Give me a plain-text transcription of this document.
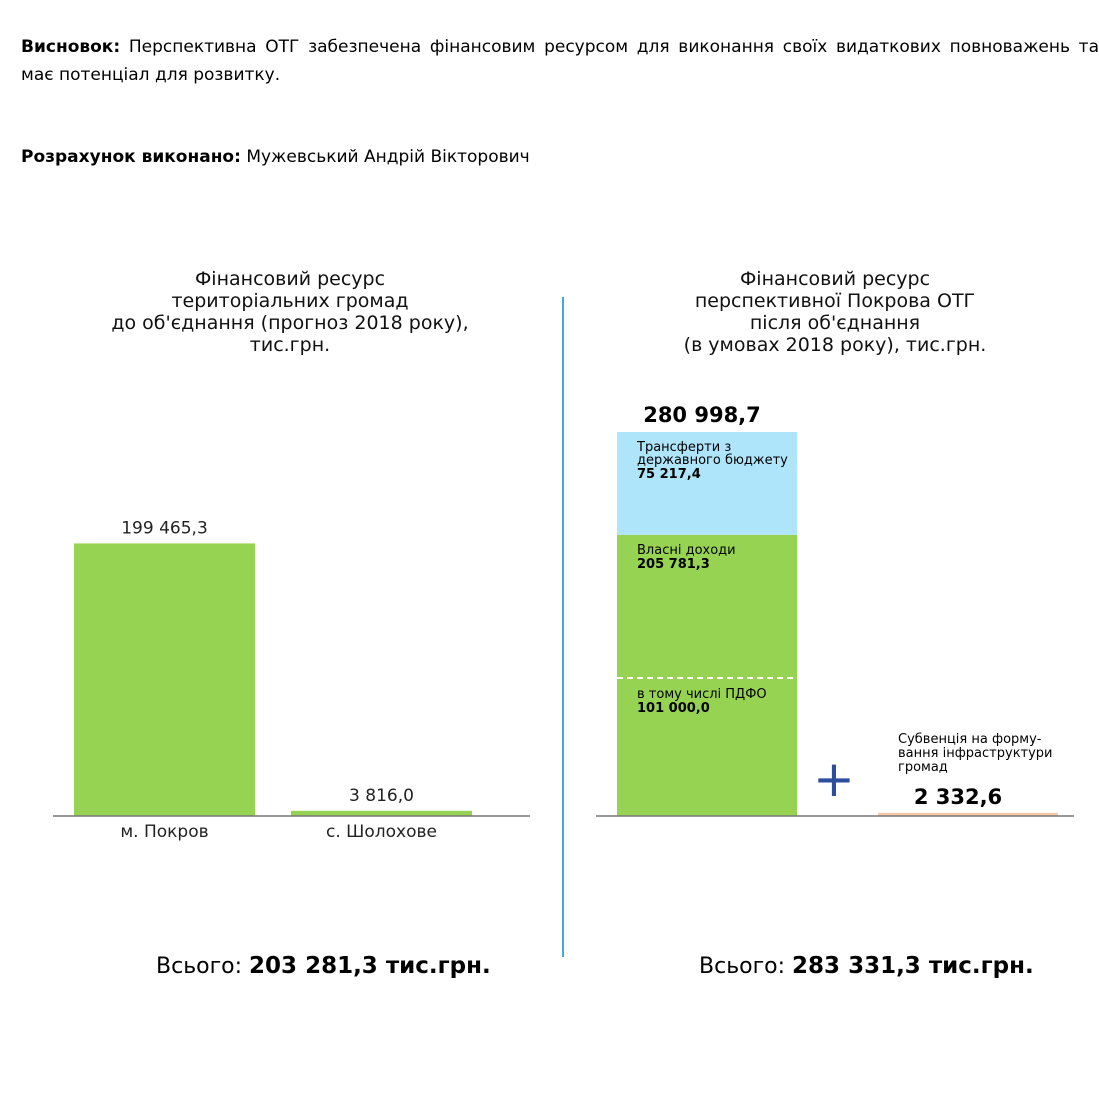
Висновок: Перспективна ОТГ забезпечена фінансовим ресурсом для виконання своїх видаткових повноважень та має потенціал для розвитку.
Розрахунок виконано: Мужевський Андрій Вікторович
Фінансовий ресурс
територіальних громад
до об'єднання (прогноз 2018 року),
тис.грн.
Фінансовий ресурс
перспективної Покрова ОТГ
після об'єднання
(в умовах 2018 року), тис.грн.
199 465,3
м. Покров
3 816,0
с. Шолохове
280 998,7
Трансферти з державного бюджету
75 217,4
Власні доходи
205 781,3
в тому числі ПДФО
101 000,0
+
Субвенція на форму-вання інфраструктури громад
2 332,6
Всього: 203 281,3 тис.грн.	Всього: 283 331,3 тис.грн.
